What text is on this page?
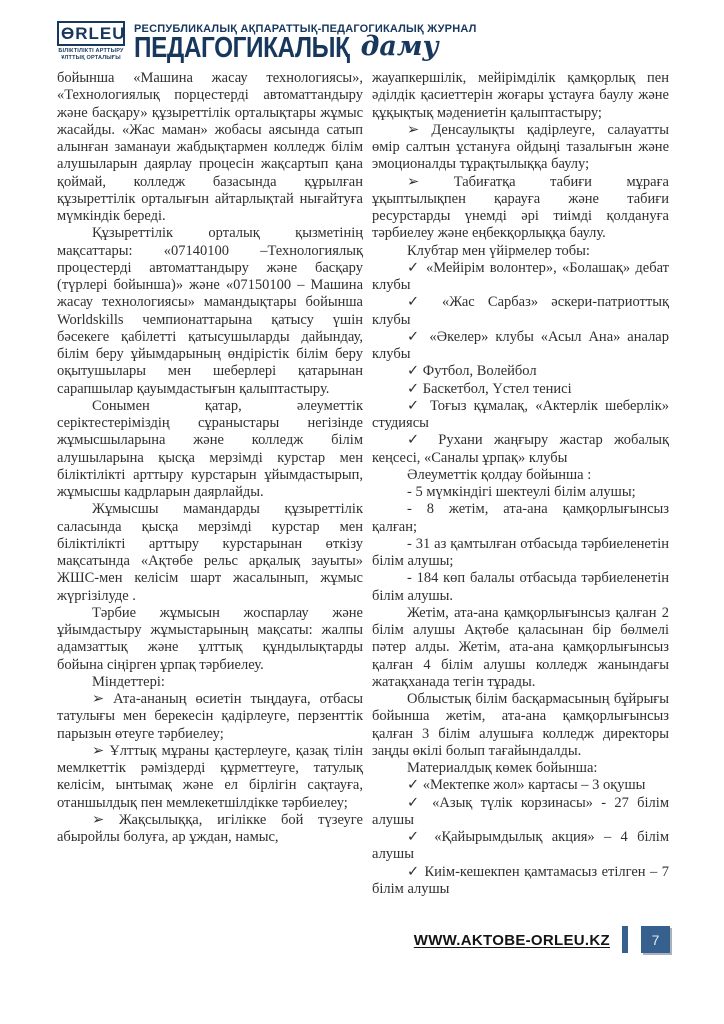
ӨRLEU
БІЛІКТІЛІКТІ АРТТЫРУ
ҰЛТТЫҚ ОРТАЛЫҒЫ
РЕСПУБЛИКАЛЫҚ АҚПАРАТТЫҚ-ПЕДАГОГИКАЛЫҚ ЖУРНАЛ
ПЕДАГОГИКАЛЫҚ даму

бойынша «Машина жасау технологиясы», «Технологиялық порцестерді автоматтандыру және басқару» құзыреттілік орталықтары жұмыс жасайды. «Жас маман» жобасы аясында сатып алынған заманауи жабдықтармен колледж білім алушыларын даярлау процесін жақсартып қана қоймай, колледж базасында құрылған құзыреттілік орталығын айтарлықтай нығайтуға мүмкіндік береді.

Құзыреттілік орталық қызметінің мақсаттары: «07140100 –Технологиялық процестерді автоматтандыру және басқару (түрлері бойынша)» және «07150100 – Машина жасау технологиясы» мамандықтары бойынша Worldskills чемпионаттарына қатысу үшін бәсекеге қабілетті қатысушыларды дайындау, білім беру ұйымдарының өндірістік білім беру оқытушылары мен шеберлері қатарынан сарапшылар қауымдастығын қалыптастыру.

Сонымен қатар, әлеуметтік серіктестеріміздің сұраныстары негізінде жұмысшыларына және колледж білім алушыларына қысқа мерзімді курстар мен біліктілікті арттыру курстарын ұйымдастырып, жұмысшы кадрларын даярлайды.

Жұмысшы мамандарды құзыреттілік саласында қысқа мерзімді курстар мен біліктілікті арттыру курстарынан өткізу мақсатында «Ақтөбе рельс арқалық зауыты» ЖШС-мен келісім шарт жасалынып, жұмыс жүргізілуде .

Тәрбие жұмысын жоспарлау және ұйымдастыру жұмыстарының мақсаты: жалпы адамзаттық және ұлттық құндылықтарды бойына сіңірген ұрпақ тәрбиелеу.

Міндеттері:

➢ Ата-ананың өсиетін тыңдауға, отбасы татулығы мен берекесін қадірлеуге, перзенттік парызын өтеуге тәрбиелеу;

➢ Ұлттық мұраны қастерлеуге, қазақ тілін мемлкеттік рәміздерді құрметтеуге, татулық келісім, ынтымақ және ел бірлігін сақтауға, отаншылдық пен мемлекетшілдікке тәрбиелеу;

➢ Жақсылыққа, игілікке бой түзеуге абыройлы болуға, ар ұждан, намыс,

жауапкершілік, мейірімділік қамқорлық пен әділдік қасиеттерін жоғары ұстауға баулу және құқықтық мәдениетін қалыптастыру;

➢ Денсаулықты қадірлеуге, салауатты өмір салтын ұстануға ойдыңі тазалығын және эмоционалды тұрақтылыққа баулу;

➢ Табиғатқа табиғи мұраға ұқыптылықпен қарауға және табиғи ресурстарды үнемді әрі тиімді қолдануға тәрбиелеу және еңбекқорлыққа баулу.

Клубтар мен үйірмелер тобы:

✓ «Мейірім волонтер», «Болашақ» дебат клубы

✓ «Жас Сарбаз» әскери-патриоттық клубы

✓ «Әкелер» клубы «Асыл Ана» аналар клубы

✓ Футбол, Волейбол

✓ Баскетбол, Үстел тенисі

✓ Тоғыз құмалақ, «Актерлік шеберлік» студиясы

✓ Рухани жаңғыру жастар жобалық кеңсесі, «Саналы ұрпақ» клубы

Әлеуметтік қолдау бойынша :

- 5 мүмкіндігі шектеулі білім алушы;

- 8 жетім, ата-ана қамқорлығынсыз қалған;

- 31 аз қамтылған отбасыда тәрбиеленетін білім алушы;

- 184 көп балалы отбасыда тәрбиеленетін білім алушы.

Жетім, ата-ана қамқорлығынсыз қалған 2 білім алушы Ақтөбе қаласынан бір бөлмелі пәтер алды. Жетім, ата-ана қамқорлығынсыз қалған 4 білім алушы колледж жанындағы жатақханада тегін тұрады.

Облыстық білім басқармасының бұйрығы бойынша жетім, ата-ана қамқорлығынсыз қалған 3 білім алушыға колледж директоры заңды өкілі болып тағайындалды.

Материалдық көмек бойынша:

✓ «Мектепке жол» картасы – 3 оқушы

✓ «Азық түлік корзинасы» - 27 білім алушы

✓ «Қайырымдылық акция» – 4 білім алушы

✓ Киім-кешекпен қамтамасыз етілген – 7 білім алушы

WWW.AKTOBE-ORLEU.KZ	7
